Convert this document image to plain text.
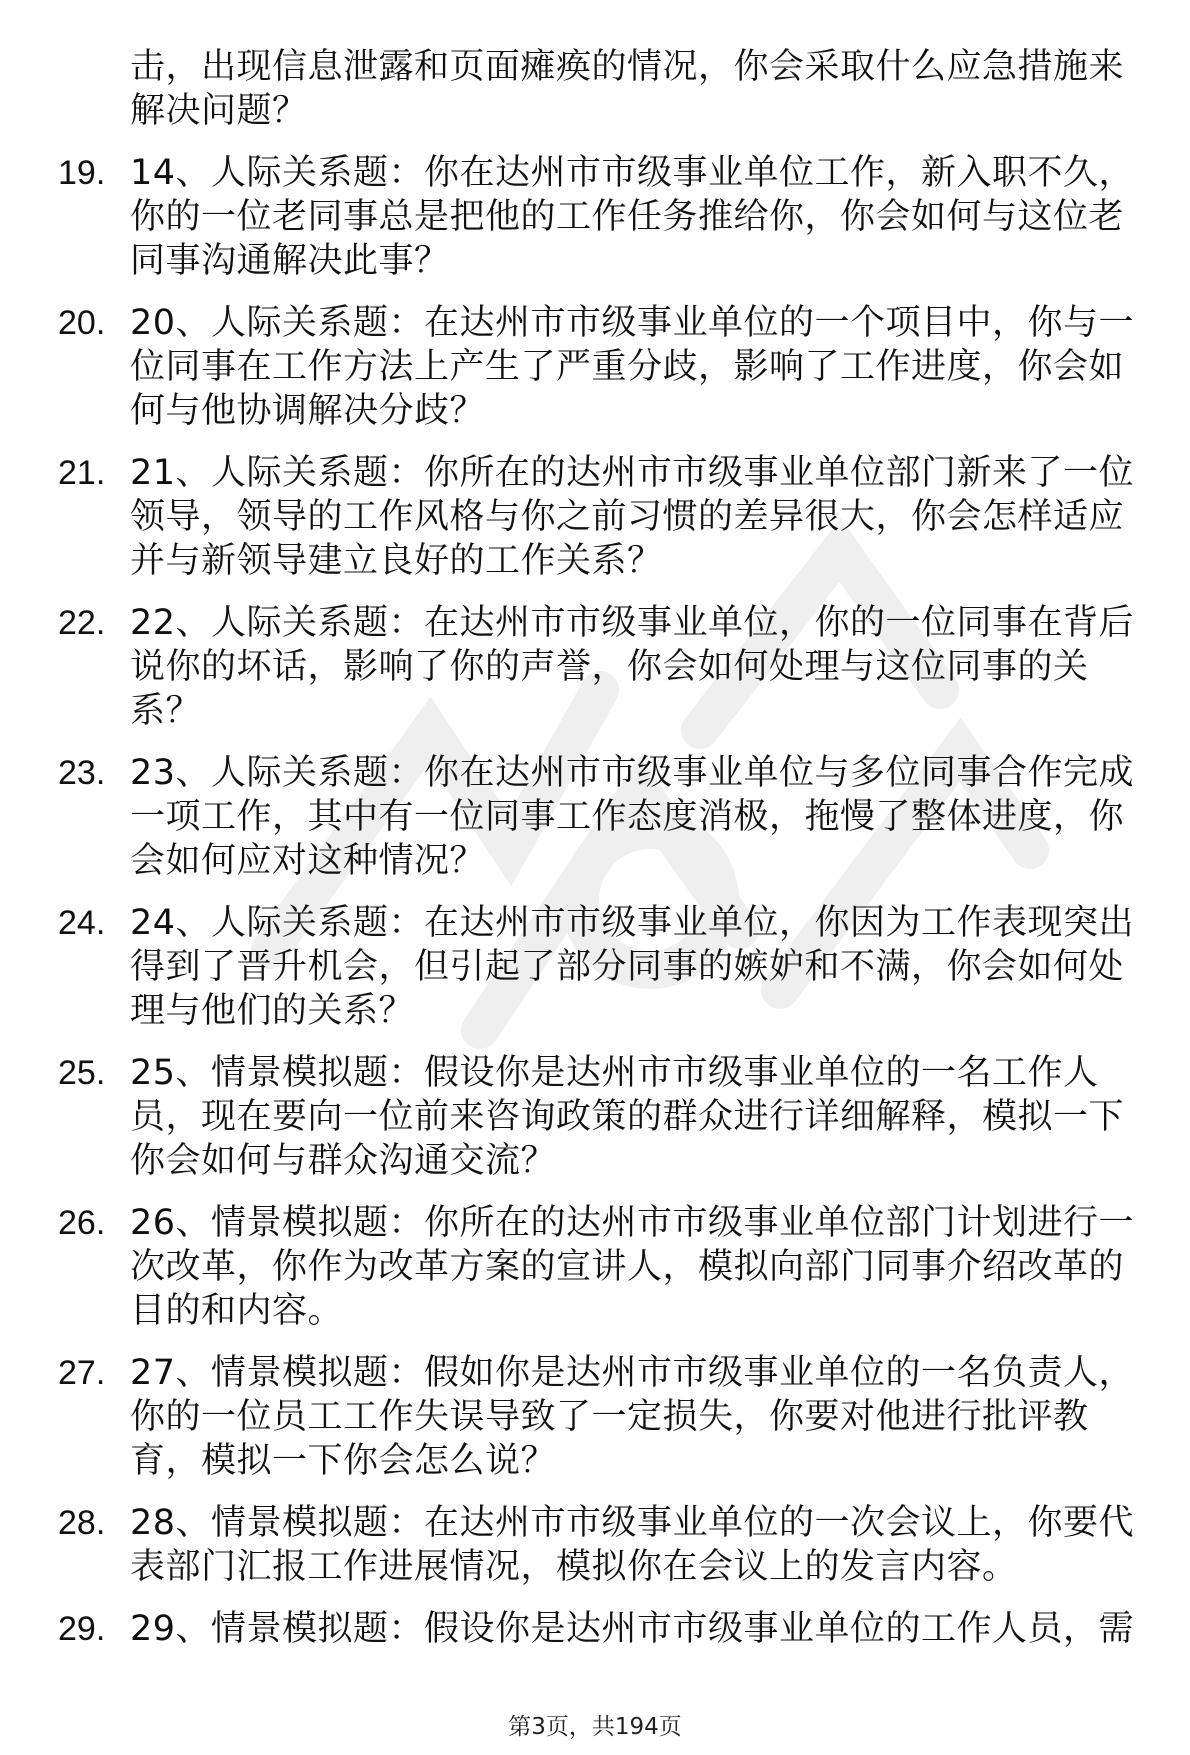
击，出现信息泄露和页面瘫痪的情况，你会采取什么应急措施来解决问题？
19. 14、人际关系题：你在达州市市级事业单位工作，新入职不久，你的一位老同事总是把他的工作任务推给你，你会如何与这位老同事沟通解决此事？
20. 20、人际关系题：在达州市市级事业单位的一个项目中，你与一位同事在工作方法上产生了严重分歧，影响了工作进度，你会如何与他协调解决分歧？
21. 21、人际关系题：你所在的达州市市级事业单位部门新来了一位领导，领导的工作风格与你之前习惯的差异很大，你会怎样适应并与新领导建立良好的工作关系？
22. 22、人际关系题：在达州市市级事业单位，你的一位同事在背后说你的坏话，影响了你的声誉，你会如何处理与这位同事的关系？
23. 23、人际关系题：你在达州市市级事业单位与多位同事合作完成一项工作，其中有一位同事工作态度消极，拖慢了整体进度，你会如何应对这种情况？
24. 24、人际关系题：在达州市市级事业单位，你因为工作表现突出得到了晋升机会，但引起了部分同事的嫉妒和不满，你会如何处理与他们的关系？
25. 25、情景模拟题：假设你是达州市市级事业单位的一名工作人员，现在要向一位前来咨询政策的群众进行详细解释，模拟一下你会如何与群众沟通交流？
26. 26、情景模拟题：你所在的达州市市级事业单位部门计划进行一次改革，你作为改革方案的宣讲人，模拟向部门同事介绍改革的目的和内容。
27. 27、情景模拟题：假如你是达州市市级事业单位的一名负责人，你的一位员工工作失误导致了一定损失，你要对他进行批评教育，模拟一下你会怎么说？
28. 28、情景模拟题：在达州市市级事业单位的一次会议上，你要代表部门汇报工作进展情况，模拟你在会议上的发言内容。
29. 29、情景模拟题：假设你是达州市市级事业单位的工作人员，需
第3页，共194页
